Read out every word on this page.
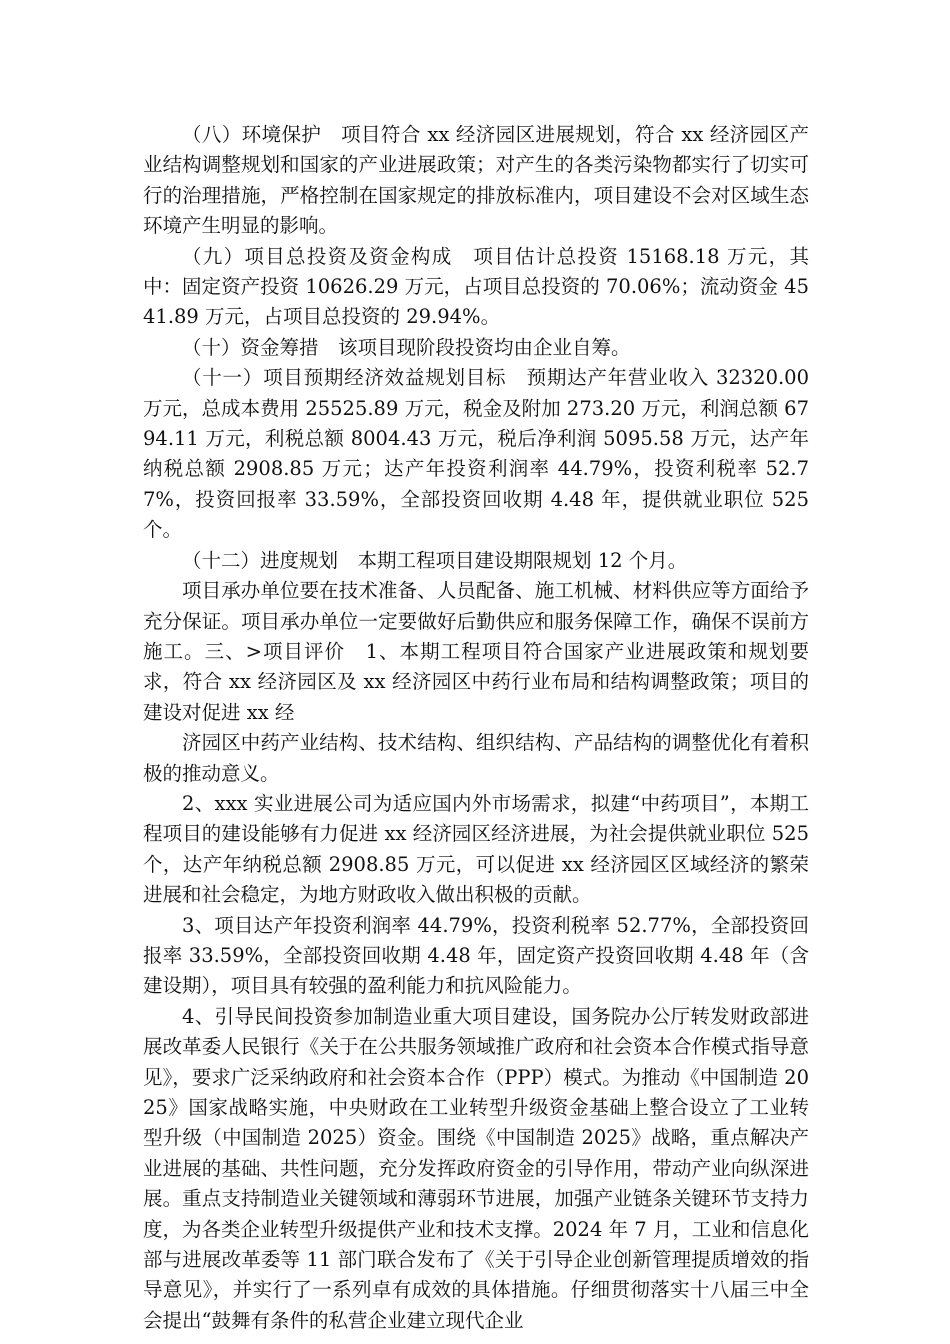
（八）环境保护　项目符合 xx 经济园区进展规划，符合 xx 经济园区产业结构调整规划和国家的产业进展政策；对产生的各类污染物都实行了切实可行的治理措施，严格控制在国家规定的排放标准内，项目建设不会对区域生态环境产生明显的影响。

（九）项目总投资及资金构成　项目估计总投资 15168.18 万元，其中：固定资产投资 10626.29 万元，占项目总投资的 70.06%；流动资金 4541.89 万元，占项目总投资的 29.94%。

（十）资金筹措　该项目现阶段投资均由企业自筹。

（十一）项目预期经济效益规划目标　预期达产年营业收入 32320.00 万元，总成本费用 25525.89 万元，税金及附加 273.20 万元，利润总额 6794.11 万元，利税总额 8004.43 万元，税后净利润 5095.58 万元，达产年纳税总额 2908.85 万元；达产年投资利润率 44.79%，投资利税率 52.77%，投资回报率 33.59%，全部投资回收期 4.48 年，提供就业职位 525 个。

（十二）进度规划　本期工程项目建设期限规划 12 个月。

项目承办单位要在技术准备、人员配备、施工机械、材料供应等方面给予充分保证。项目承办单位一定要做好后勤供应和服务保障工作，确保不误前方施工。三、>项目评价　1、本期工程项目符合国家产业进展政策和规划要求，符合 xx 经济园区及 xx 经济园区中药行业布局和结构调整政策；项目的建设对促进 xx 经

济园区中药产业结构、技术结构、组织结构、产品结构的调整优化有着积极的推动意义。

2、xxx 实业进展公司为适应国内外市场需求，拟建“中药项目”，本期工程项目的建设能够有力促进 xx 经济园区经济进展，为社会提供就业职位 525 个，达产年纳税总额 2908.85 万元，可以促进 xx 经济园区区域经济的繁荣进展和社会稳定，为地方财政收入做出积极的贡献。

3、项目达产年投资利润率 44.79%，投资利税率 52.77%，全部投资回报率 33.59%，全部投资回收期 4.48 年，固定资产投资回收期 4.48 年（含建设期），项目具有较强的盈利能力和抗风险能力。

4、引导民间投资参加制造业重大项目建设，国务院办公厅转发财政部进展改革委人民银行《关于在公共服务领域推广政府和社会资本合作模式指导意见》，要求广泛采纳政府和社会资本合作（PPP）模式。为推动《中国制造 2025》国家战略实施，中央财政在工业转型升级资金基础上整合设立了工业转型升级（中国制造 2025）资金。围绕《中国制造 2025》战略，重点解决产业进展的基础、共性问题，充分发挥政府资金的引导作用，带动产业向纵深进展。重点支持制造业关键领域和薄弱环节进展，加强产业链条关键环节支持力度，为各类企业转型升级提供产业和技术支撑。2024 年 7 月，工业和信息化部与进展改革委等 11 部门联合发布了《关于引导企业创新管理提质增效的指导意见》，并实行了一系列卓有成效的具体措施。仔细贯彻落实十八届三中全会提出“鼓舞有条件的私营企业建立现代企业
